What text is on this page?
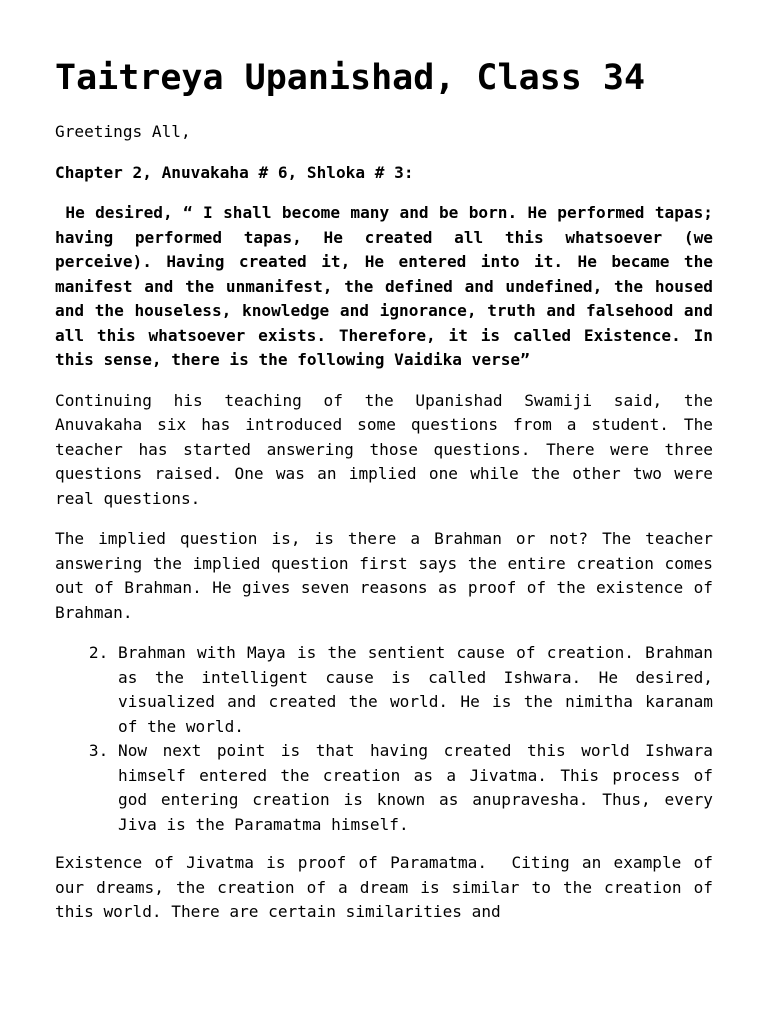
Taitreya Upanishad, Class 34

Greetings All,

Chapter 2, Anuvakaha # 6, Shloka # 3:

He desired, “ I shall become many and be born. He performed tapas; having performed tapas, He created all this whatsoever (we perceive). Having created it, He entered into it. He became the manifest and the unmanifest, the defined and undefined, the housed and the houseless, knowledge and ignorance, truth and falsehood and all this whatsoever exists. Therefore, it is called Existence. In this sense, there is the following Vaidika verse”

Continuing his teaching of the Upanishad Swamiji said, the Anuvakaha six has introduced some questions from a student. The teacher has started answering those questions. There were three questions raised. One was an implied one while the other two were real questions.

The implied question is, is there a Brahman or not? The teacher answering the implied question first says the entire creation comes out of Brahman. He gives seven reasons as proof of the existence of Brahman.

2. Brahman with Maya is the sentient cause of creation. Brahman as the intelligent cause is called Ishwara. He desired, visualized and created the world. He is the nimitha karanam of the world.
3. Now next point is that having created this world Ishwara himself entered the creation as a Jivatma. This process of god entering creation is known as anupravesha. Thus, every Jiva is the Paramatma himself.

Existence of Jivatma is proof of Paramatma.  Citing an example of our dreams, the creation of a dream is similar to the creation of this world. There are certain similarities and
